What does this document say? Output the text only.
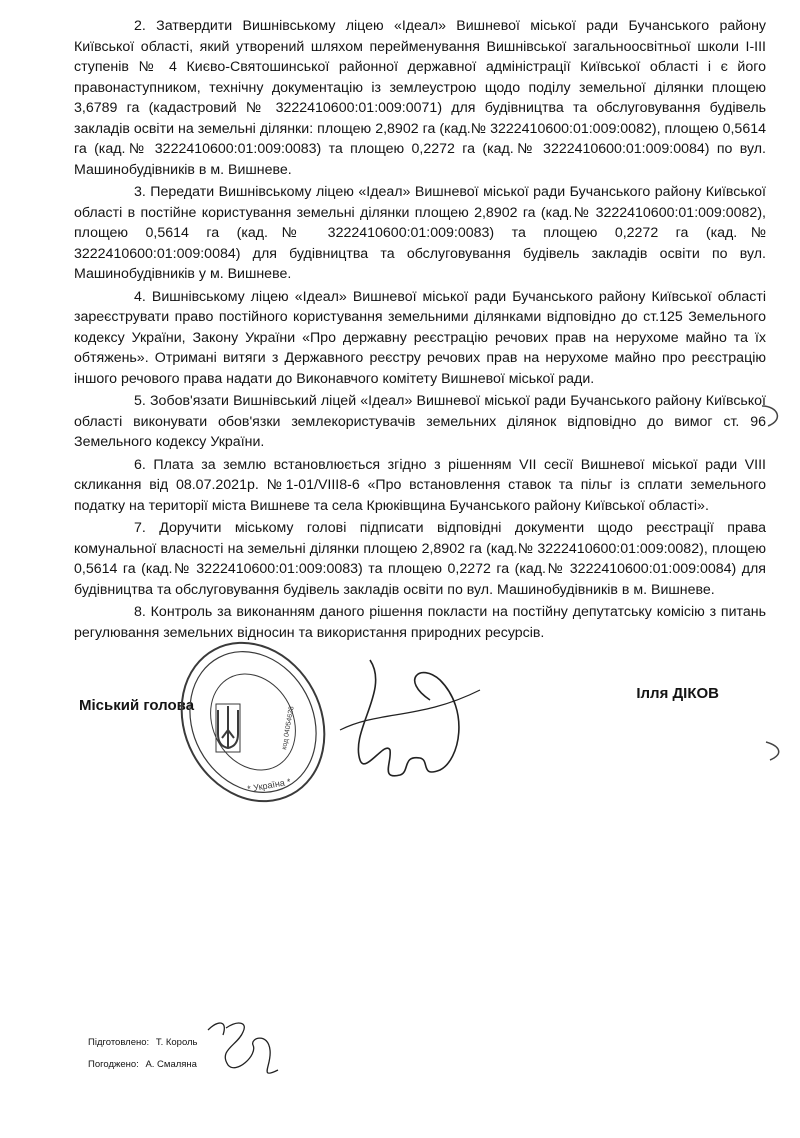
2. Затвердити Вишнівському ліцею «Ідеал» Вишневої міської ради Бучанського району Київської області, який утворений шляхом перейменування Вишнівської загальноосвітньої школи І-ІІІ ступенів № 4 Києво-Святошинської районної державної адміністрації Київської області і є його правонаступником, технічну документацію із землеустрою щодо поділу земельної ділянки площею 3,6789 га (кадастровий № 3222410600:01:009:0071) для будівництва та обслуговування будівель закладів освіти на земельні ділянки: площею 2,8902 га (кад.№ 3222410600:01:009:0082), площею 0,5614 га (кад.№ 3222410600:01:009:0083) та площею 0,2272 га (кад.№ 3222410600:01:009:0084) по вул. Машинобудівників в м. Вишневе.

3. Передати Вишнівському ліцею «Ідеал» Вишневої міської ради Бучанського району Київської області в постійне користування земельні ділянки площею 2,8902 га (кад.№ 3222410600:01:009:0082), площею 0,5614 га (кад.№ 3222410600:01:009:0083) та площею 0,2272 га (кад.№ 3222410600:01:009:0084) для будівництва та обслуговування будівель закладів освіти по вул. Машинобудівників у м. Вишневе.

4. Вишнівському ліцею «Ідеал» Вишневої міської ради Бучанського району Київської області зареєструвати право постійного користування земельними ділянками відповідно до ст.125 Земельного кодексу України, Закону України «Про державну реєстрацію речових прав на нерухоме майно та їх обтяжень». Отримані витяги з Державного реєстру речових прав на нерухоме майно про реєстрацію іншого речового права надати до Виконавчого комітету Вишневої міської ради.

5. Зобов'язати Вишнівський ліцей «Ідеал» Вишневої міської ради Бучанського району Київської області виконувати обов'язки землекористувачів земельних ділянок відповідно до вимог ст. 96 Земельного кодексу України.

6. Плата за землю встановлюється згідно з рішенням VII сесії Вишневої міської ради VIII скликання від 08.07.2021р. №1-01/VIII8-6 «Про встановлення ставок та пільг із сплати земельного податку на території міста Вишневе та села Крюківщина Бучанського району Київської області».

7. Доручити міському голові підписати відповідні документи щодо реєстрації права комунальної власності на земельні ділянки площею 2,8902 га (кад.№ 3222410600:01:009:0082), площею 0,5614 га (кад.№ 3222410600:01:009:0083) та площею 0,2272 га (кад.№ 3222410600:01:009:0084) для будівництва та обслуговування будівель закладів освіти по вул. Машинобудівників в м. Вишневе.

8. Контроль за виконанням даного рішення покласти на постійну депутатську комісію з питань регулювання земельних відносин та використання природних ресурсів.

Міський голова
Ілля ДІКОВ
* Україна *
код 04054628
Підготовлено: Т. Король
Погоджено: А. Смаляна
